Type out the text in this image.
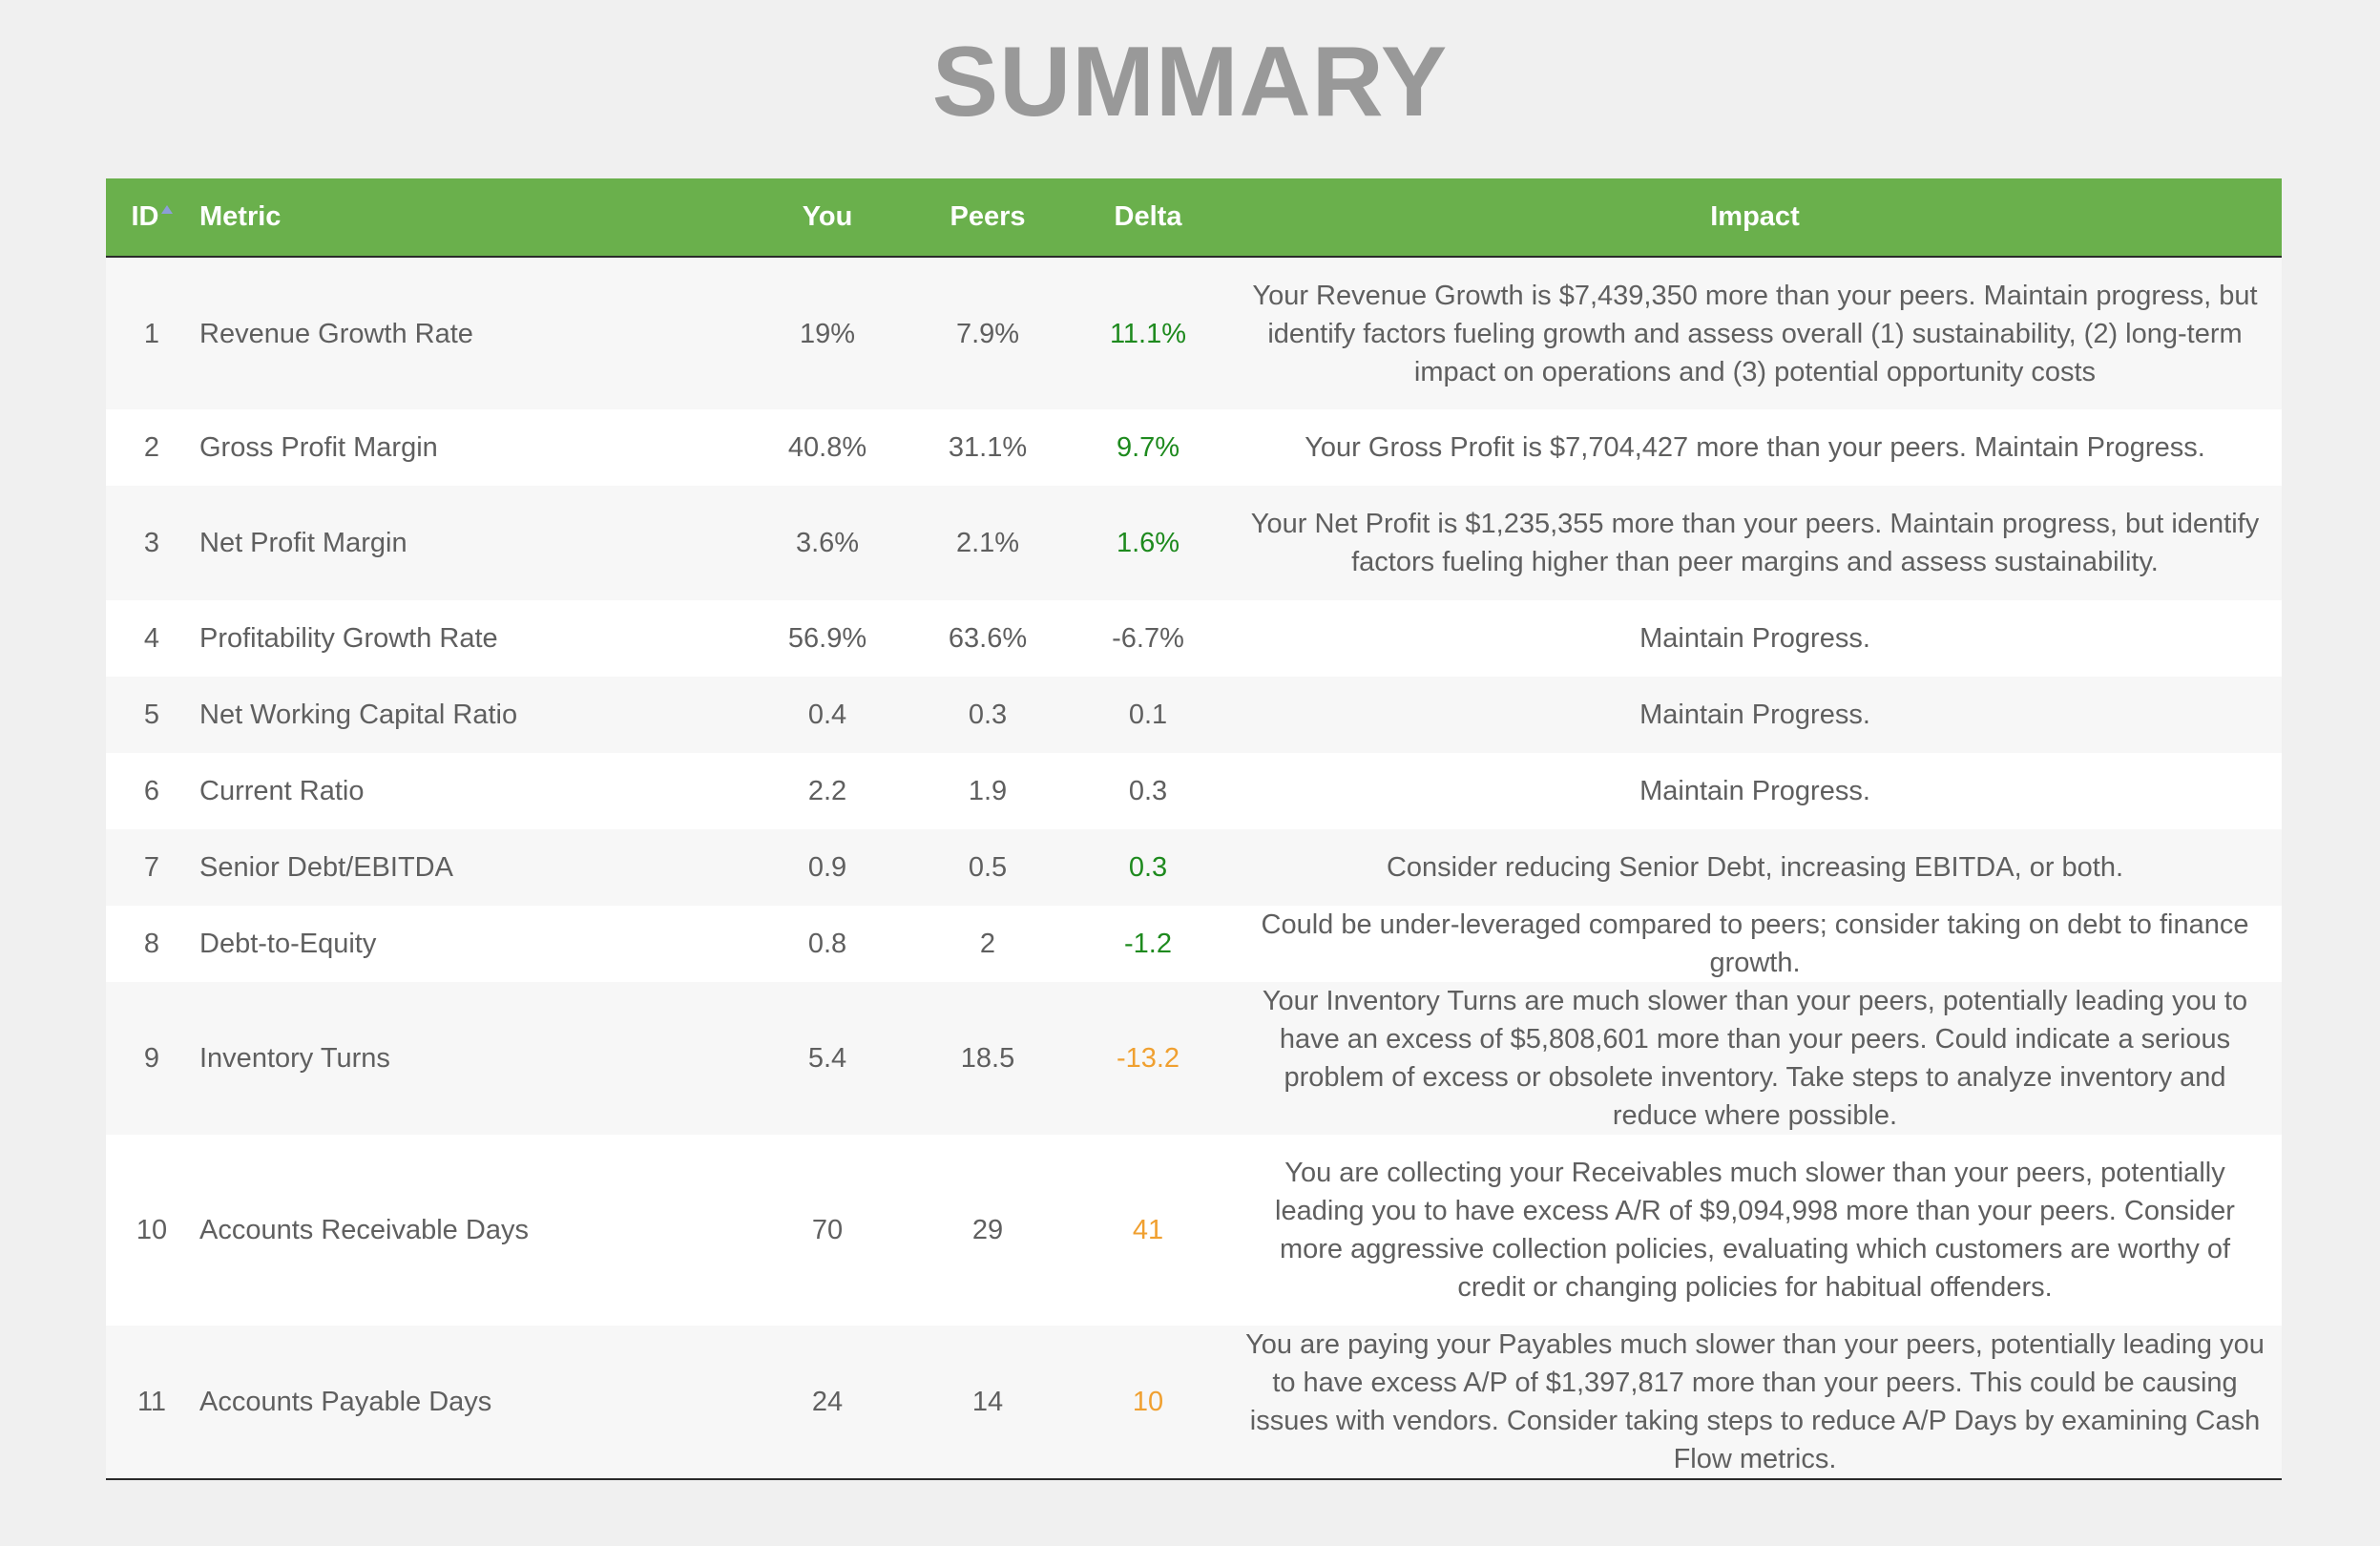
SUMMARY
ID	Metric	You	Peers	Delta	Impact
1	Revenue Growth Rate	19%	7.9%	11.1%	Your Revenue Growth is $7,439,350 more than your peers. Maintain progress, but identify factors fueling growth and assess overall (1) sustainability, (2) long-term impact on operations and (3) potential opportunity costs
2	Gross Profit Margin	40.8%	31.1%	9.7%	Your Gross Profit is $7,704,427 more than your peers. Maintain Progress.
3	Net Profit Margin	3.6%	2.1%	1.6%	Your Net Profit is $1,235,355 more than your peers. Maintain progress, but identify factors fueling higher than peer margins and assess sustainability.
4	Profitability Growth Rate	56.9%	63.6%	-6.7%	Maintain Progress.
5	Net Working Capital Ratio	0.4	0.3	0.1	Maintain Progress.
6	Current Ratio	2.2	1.9	0.3	Maintain Progress.
7	Senior Debt/EBITDA	0.9	0.5	0.3	Consider reducing Senior Debt, increasing EBITDA, or both.
8	Debt-to-Equity	0.8	2	-1.2	Could be under-leveraged compared to peers; consider taking on debt to finance growth.
9	Inventory Turns	5.4	18.5	-13.2	Your Inventory Turns are much slower than your peers, potentially leading you to have an excess of $5,808,601 more than your peers. Could indicate a serious problem of excess or obsolete inventory. Take steps to analyze inventory and reduce where possible.
10	Accounts Receivable Days	70	29	41	You are collecting your Receivables much slower than your peers, potentially leading you to have excess A/R of $9,094,998 more than your peers. Consider more aggressive collection policies, evaluating which customers are worthy of credit or changing policies for habitual offenders.
11	Accounts Payable Days	24	14	10	You are paying your Payables much slower than your peers, potentially leading you to have excess A/P of $1,397,817 more than your peers. This could be causing issues with vendors. Consider taking steps to reduce A/P Days by examining Cash Flow metrics.
